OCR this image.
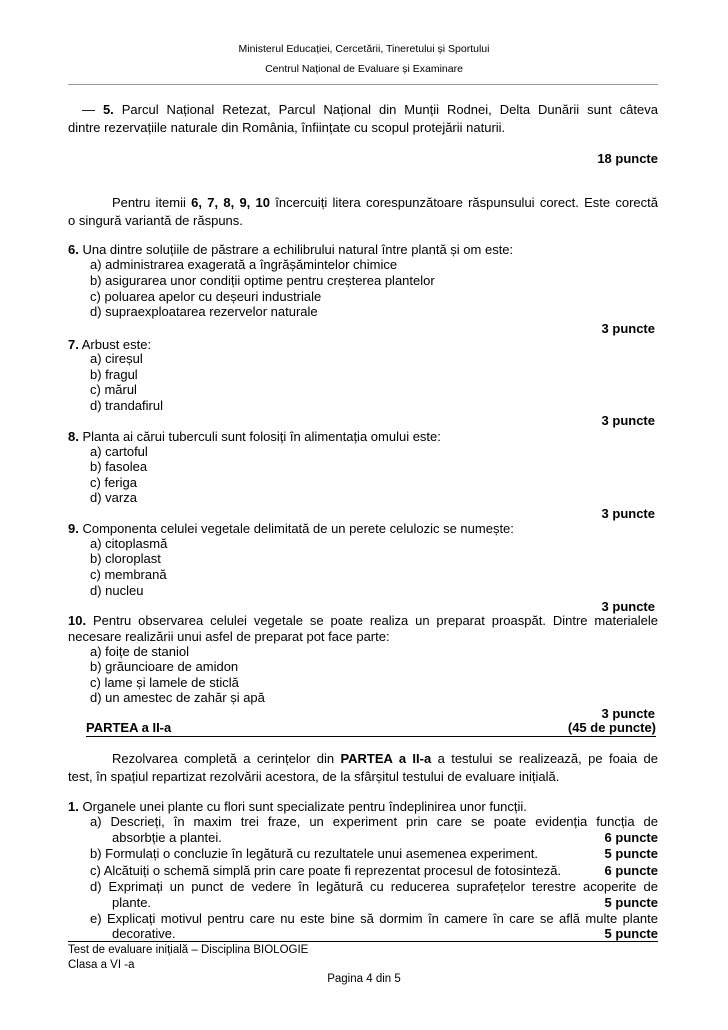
Ministerul Educației, Cercetării, Tineretului și Sportului
Centrul Național de Evaluare și Examinare
— 5. Parcul Național Retezat, Parcul Național din Munții Rodnei, Delta Dunării sunt câteva
dintre rezervațiile naturale din România, înființate cu scopul protejării naturii.
18 puncte
Pentru itemii 6, 7, 8, 9, 10 încercuiți litera corespunzătoare răspunsului corect. Este corectă
o singură variantă de răspuns.
6. Una dintre soluțiile de păstrare a echilibrului natural între plantă și om este:
a) administrarea exagerată a îngrășămintelor chimice
b) asigurarea unor condiții optime pentru creșterea plantelor
c) poluarea apelor cu deșeuri industriale
d) supraexploatarea rezervelor naturale
3 puncte
7. Arbust este:
a) cireșul
b) fragul
c) mărul
d) trandafirul
3 puncte
8. Planta ai cărui tuberculi sunt folosiți în alimentația omului este:
a) cartoful
b) fasolea
c) feriga
d) varza
3 puncte
9. Componenta celulei vegetale delimitată de un perete celulozic se numește:
a) citoplasmă
b) cloroplast
c) membrană
d) nucleu
3 puncte
10. Pentru observarea celulei vegetale se poate realiza un preparat proaspăt. Dintre materialele
necesare realizării unui asfel de preparat pot face parte:
a) foițe de staniol
b) grăuncioare de amidon
c) lame și lamele de sticlă
d) un amestec de zahăr și apă
3 puncte
PARTEA a II-a	(45 de puncte)
Rezolvarea completă a cerințelor din PARTEA a II-a a testului se realizează, pe foaia de
test, în spațiul repartizat rezolvării acestora, de la sfârșitul testului de evaluare inițială.
1. Organele unei plante cu flori sunt specializate pentru îndeplinirea unor funcții.
a) Descrieți, în maxim trei fraze, un experiment prin care se poate evidenția funcția de
absorbție a plantei.	6 puncte
b) Formulați o concluzie în legătură cu rezultatele unui asemenea experiment.	5 puncte
c) Alcătuiți o schemă simplă prin care poate fi reprezentat procesul de fotosinteză.	6 puncte
d) Exprimați un punct de vedere în legătură cu reducerea suprafețelor terestre acoperite de
plante.	5 puncte
e) Explicați motivul pentru care nu este bine să dormim în camere în care se află multe plante
decorative.	5 puncte
Test de evaluare inițială – Disciplina BIOLOGIE
Clasa a VI -a
Pagina 4 din 5
